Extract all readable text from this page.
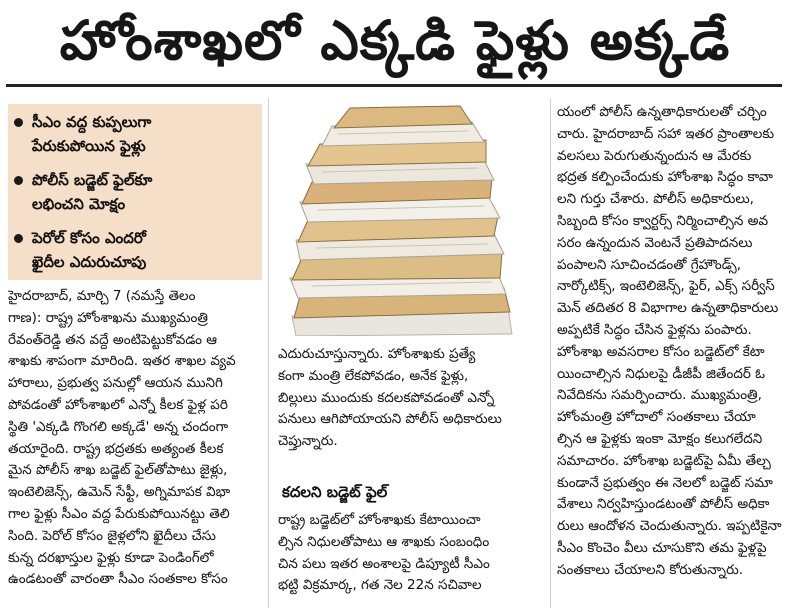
హోంశాఖలో ఎక్కడి ఫైళ్లు అక్కడే
సీఎం వద్ద కుప్పలుగా
పేరుకుపోయిన ఫైళ్లు
పోలీస్ బడ్జెట్ ఫైల్‌కూ
లభించని మోక్షం
పెరోల్ కోసం ఎందరో
ఖైదీల ఎదురుచూపు
హైదరాబాద్, మార్చి 7 (నమస్తే తెలం
గాణ): రాష్ట్ర హోంశాఖను ముఖ్యమంత్రి
రేవంత్‌రెడ్డి తన వద్దే అంటిపెట్టుకోవడం ఆ
శాఖకు శాపంగా మారింది. ఇతర శాఖల వ్యవ
హారాలు, ప్రభుత్వ పనుల్లో ఆయన మునిగి
పోవడంతో హోంశాఖలో ఎన్నో కీలక ఫైళ్ల పరి
స్థితి 'ఎక్కడి గొంగలి అక్కడే' అన్న చందంగా
తయారైంది. రాష్ట్ర భద్రతకు అత్యంత కీలక
మైన పోలీస్ శాఖ బడ్జెట్ ఫైల్‌తోపాటు జైళ్లు,
ఇంటెలిజెన్స్, ఉమెన్ సేఫ్టీ, అగ్నిమాపక విభా
గాల ఫైళ్లు సీఎం వద్ద పేరుకుపోయినట్టు తెలి
సింది. పెరోల్ కోసం జైళ్లలోని ఖైదీలు చేసు
కున్న దరఖాస్తుల ఫైళ్లు కూడా పెండింగ్‌లో
ఉండటంతో వారంతా సీఎం సంతకాల కోసం
ఎదురుచూస్తున్నారు. హోంశాఖకు ప్రత్యే
కంగా మంత్రి లేకపోవడం, అనేక ఫైళ్లు,
బిల్లులు ముందుకు కదలకపోవడంతో ఎన్నో
పనులు ఆగిపోయాయని పోలీస్ అధికారులు
చెప్తున్నారు.
కదలని బడ్జెట్ ఫైల్
రాష్ట్ర బడ్జెట్‌లో హోంశాఖకు కేటాయించా
ల్సిన నిధులతోపాటు ఆ శాఖకు సంబంధిం
చిన పలు ఇతర అంశాలపై డిప్యూటీ సీఎం
భట్టి విక్రమార్క, గత నెల 22న సచివాల
యంలో పోలీస్ ఉన్నతాధికారులతో చర్చిం
చారు. హైదరాబాద్ సహా ఇతర ప్రాంతాలకు
వలసలు పెరుగుతున్నందున ఆ మేరకు
భద్రత కల్పించేందుకు హోంశాఖ సిద్ధం కావా
లని గుర్తు చేశారు. పోలీస్ అధికారులు,
సిబ్బంది కోసం క్వార్టర్స్ నిర్మించాల్సిన అవ
సరం ఉన్నందున వెంటనే ప్రతిపాదనలు
పంపాలని సూచించడంతో గ్రేహౌండ్స్,
నార్కోటిక్స్, ఇంటెలిజెన్స్, ఫైర్, ఎక్స్ సర్వీస్
మెన్ తదితర 8 విభాగాల ఉన్నతాధికారులు
అప్పటికే సిద్ధం చేసిన ఫైళ్లను పంపారు.
హోంశాఖ అవసరాల కోసం బడ్జెట్‌లో కేటా
యించాల్సిన నిధులపై డీజీపీ జితేందర్ ఓ
నివేదికను సమర్పించారు. ముఖ్యమంత్రి,
హోంమంత్రి హోదాలో సంతకాలు చేయా
ల్సిన ఆ ఫైళ్లకు ఇంకా మోక్షం కలుగలేదని
సమాచారం. హోంశాఖ బడ్జెట్‌పై ఏమీ తేల్చ
కుండానే ప్రభుత్వం ఈ నెలలో బడ్జెట్ సమా
వేశాలు నిర్వహిస్తుండటంతో పోలీస్ అధికా
రులు ఆందోళన చెందుతున్నారు. ఇప్పటికైనా
సీఎం కొంచెం వీలు చూసుకొని తమ ఫైళ్లపై
సంతకాలు చేయాలని కోరుతున్నారు.
